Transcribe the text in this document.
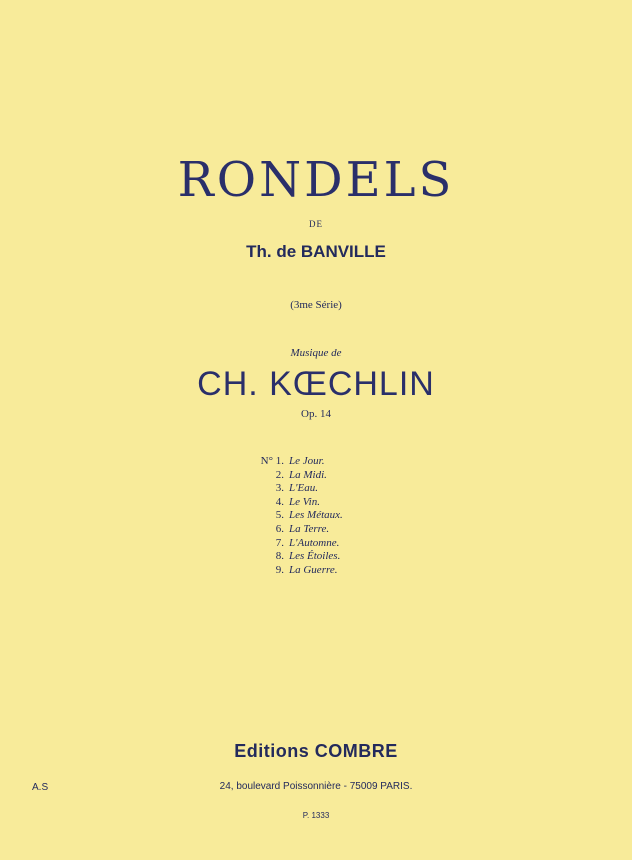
RONDELS
DE
Th. de BANVILLE
(3me Série)
Musique de
CH. KŒCHLIN
Op. 14
N° 1. Le Jour.
2. La Midi.
3. L'Eau.
4. Le Vin.
5. Les Métaux.
6. La Terre.
7. L'Automne.
8. Les Étoiles.
9. La Guerre.
Editions COMBRE
A.S	24, boulevard Poissonnière - 75009 PARIS.
P. 1333
